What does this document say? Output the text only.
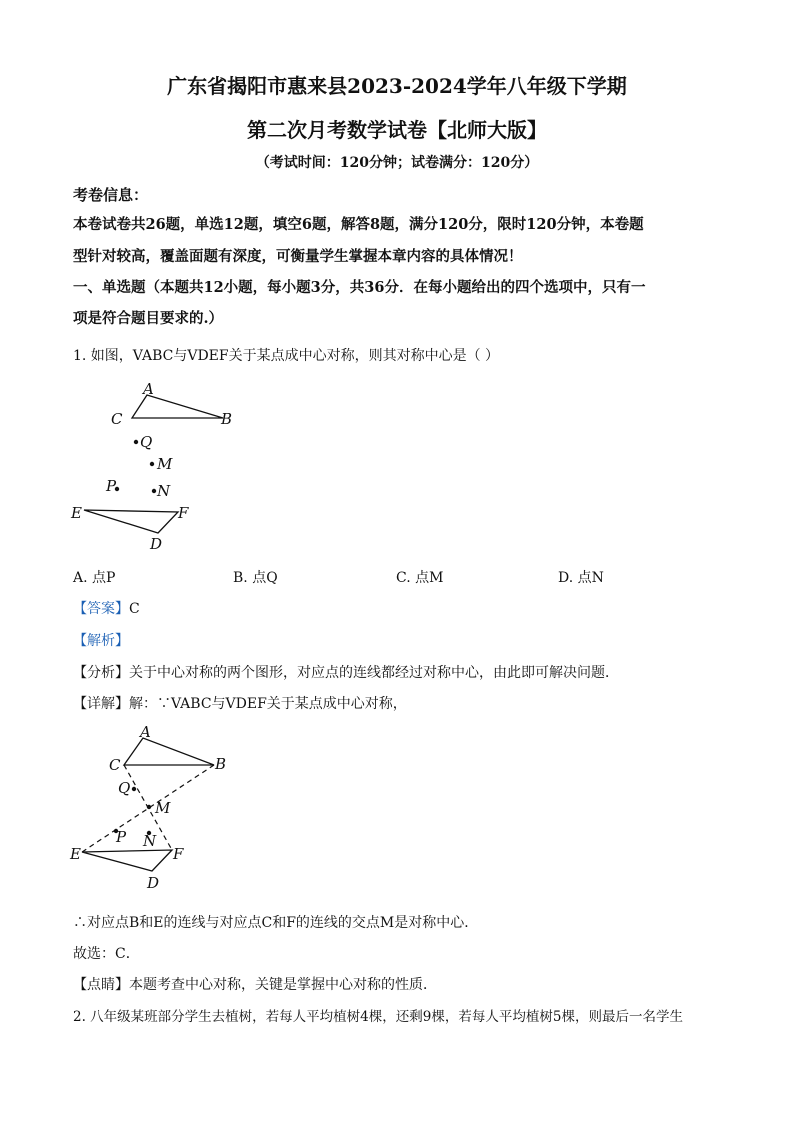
广东省揭阳市惠来县2023-2024学年八年级下学期
第二次月考数学试卷【北师大版】
（考试时间：120分钟；试卷满分：120分）
考卷信息：
本卷试卷共26题，单选12题，填空6题，解答8题，满分120分，限时120分钟，本卷题
型针对较高，覆盖面题有深度，可衡量学生掌握本章内容的具体情况！
一、单选题（本题共12小题，每小题3分，共36分．在每小题给出的四个选项中，只有一
项是符合题目要求的.）
1. 如图，VABC与VDEF关于某点成中心对称，则其对称中心是（ ）
A
C	B
Q
M
P	N
E	F
D
A. 点P	B. 点Q	C. 点M	D. 点N
【答案】C
【解析】
【分析】关于中心对称的两个图形，对应点的连线都经过对称中心，由此即可解决问题．
【详解】解：∵VABC与VDEF关于某点成中心对称，
A
C	B
Q
M
P N
E	F
D
∴对应点B和E的连线与对应点C和F的连线的交点M是对称中心．
故选：C．
【点睛】本题考查中心对称，关键是掌握中心对称的性质．
2. 八年级某班部分学生去植树，若每人平均植树4棵，还剩9棵，若每人平均植树5棵，则最后一名学生
